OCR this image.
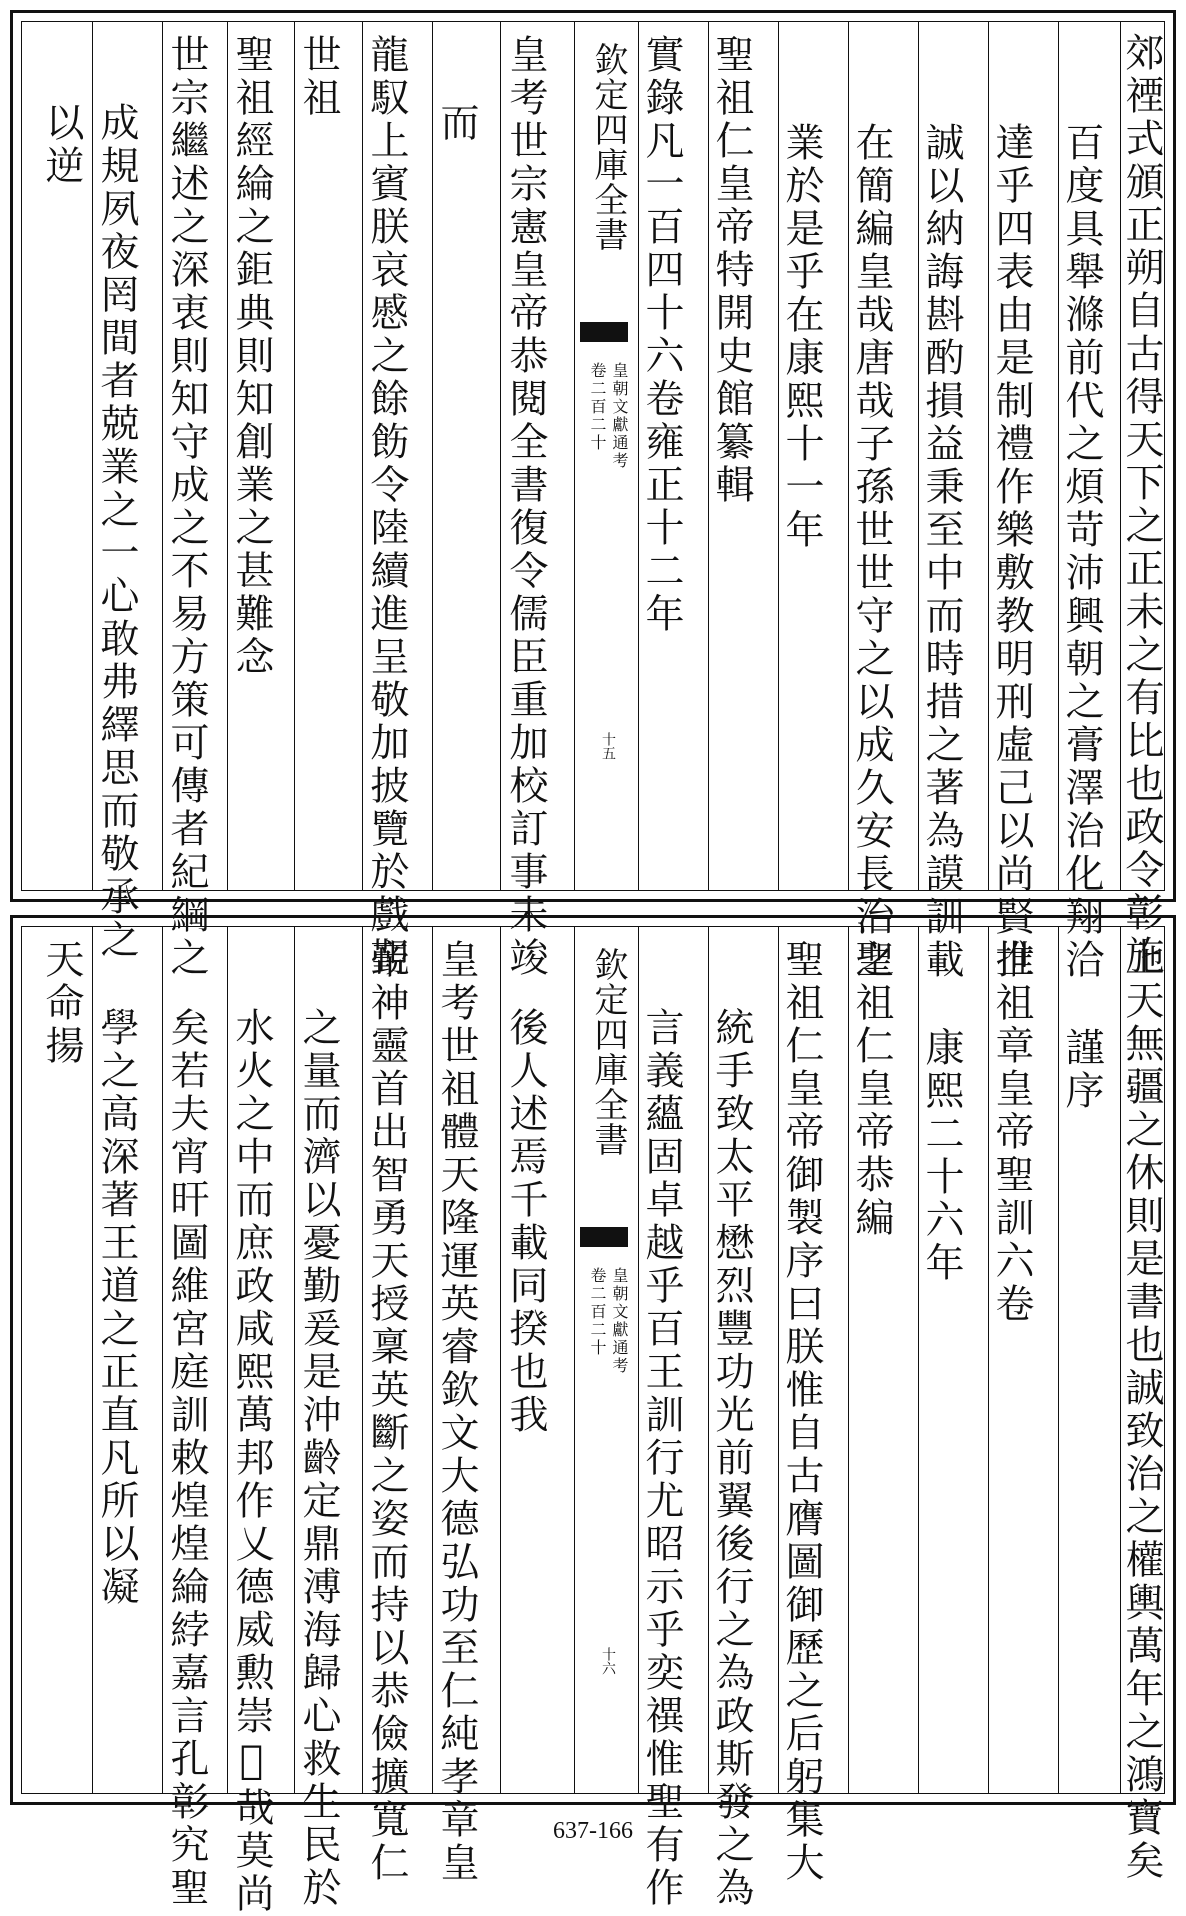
郊禋式頒正朔自古得天下之正未之有比也政令彰施
百度具舉滌前代之煩苛沛興朝之膏澤治化翔洽
達乎四表由是制禮作樂敷教明刑虛己以尚賢推
誠以納誨斟酌損益秉至中而時措之著為謨訓載
在簡編皇哉唐哉子孫世世守之以成久安長治之
業於是乎在康熙十一年
聖祖仁皇帝特開史館纂輯
實錄凡一百四十六卷雍正十二年
皇考世宗憲皇帝恭閱全書復令儒臣重加校訂事未竣
而
龍馭上賓朕哀慼之餘飭令陸續進呈敬加披覽於戲覲
世祖
聖祖經綸之鉅典則知創業之甚難念
世宗繼述之深衷則知守成之不易方策可傳者紀綱之
成規夙夜罔間者兢業之一心敢弗繹思而敬承之
以逆	欽定四庫全書
皇朝文獻通考
卷二百二十
十五
上天無疆之休則是書也誠致治之權輿萬年之鴻寶矣
謹序
世祖章皇帝聖訓六卷
康熙二十六年
聖祖仁皇帝恭編
聖祖仁皇帝御製序曰朕惟自古膺圖御歷之后躬集大
統手致太平懋烈豐功光前翼後行之為政斯發之為
言義蘊固卓越乎百王訓行尤昭示乎奕禩惟聖有作
後人述焉千載同揆也我
皇考世祖體天隆運英睿欽文大德弘功至仁純孝章皇
帝神靈首出智勇天授稟英斷之姿而持以恭儉擴寬仁
之量而濟以憂勤爰是沖齡定鼎溥海歸心救生民於
水火之中而庶政咸熙萬邦作乂德威勲崇𡽮哉莫尚
矣若夫宵旰圖維宮庭訓敕煌煌綸綍嘉言孔彰究聖
學之高深著王道之正直凡所以凝
天命揚	欽定四庫全書
皇朝文獻通考
卷二百二十
十六
637-166
